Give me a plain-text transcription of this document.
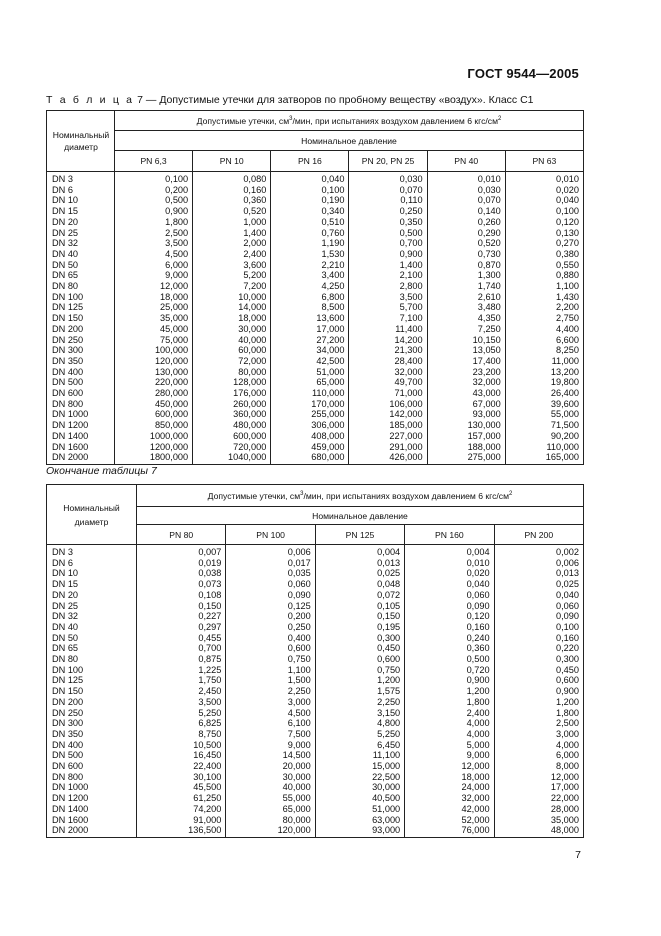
ГОСТ 9544—2005
Т а б л и ц а 7 — Допустимые утечки для затворов по пробному веществу «воздух». Класс С1
Номинальный диаметр	Допустимые утечки, $см^3$/мин, при испытаниях воздухом давлением 6 кгс/$см^2$
	Номинальное давление					
	PN 6,3	PN 10	PN 16	PN 20, PN 25	PN 40	PN 63
DN 3	0,100	0,080	0,040	0,030	0,010	0,010
DN 6	0,200	0,160	0,100	0,070	0,030	0,020
DN 10	0,500	0,360	0,190	0,110	0,070	0,040
DN 15	0,900	0,520	0,340	0,250	0,140	0,100
DN 20	1,800	1,000	0,510	0,350	0,260	0,120
DN 25	2,500	1,400	0,760	0,500	0,290	0,130
DN 32	3,500	2,000	1,190	0,700	0,520	0,270
DN 40	4,500	2,400	1,530	0,900	0,730	0,380
DN 50	6,000	3,600	2,210	1,400	0,870	0,550
DN 65	9,000	5,200	3,400	2,100	1,300	0,880
DN 80	12,000	7,200	4,250	2,800	1,740	1,100
DN 100	18,000	10,000	6,800	3,500	2,610	1,430
DN 125	25,000	14,000	8,500	5,700	3,480	2,200
DN 150	35,000	18,000	13,600	7,100	4,350	2,750
DN 200	45,000	30,000	17,000	11,400	7,250	4,400
DN 250	75,000	40,000	27,200	14,200	10,150	6,600
DN 300	100,000	60,000	34,000	21,300	13,050	8,250
DN 350	120,000	72,000	42,500	28,400	17,400	11,000
DN 400	130,000	80,000	51,000	32,000	23,200	13,200
DN 500	220,000	128,000	65,000	49,700	32,000	19,800
DN 600	280,000	176,000	110,000	71,000	43,000	26,400
DN 800	450,000	260,000	170,000	106,000	67,000	39,600
DN 1000	600,000	360,000	255,000	142,000	93,000	55,000
DN 1200	850,000	480,000	306,000	185,000	130,000	71,500
DN 1400	1000,000	600,000	408,000	227,000	157,000	90,200
DN 1600	1200,000	720,000	459,000	291,000	188,000	110,000
DN 2000	1800,000	1040,000	680,000	426,000	275,000	165,000
Окончание таблицы 7
Номинальный диаметр	Допустимые утечки, $см^3$/мин, при испытаниях воздухом давлением 6 кгс/$см^2$
	Номинальное давление				
	PN 80	PN 100	PN 125	PN 160	PN 200
DN 3	0,007	0,006	0,004	0,004	0,002
DN 6	0,019	0,017	0,013	0,010	0,006
DN 10	0,038	0,035	0,025	0,020	0,013
DN 15	0,073	0,060	0,048	0,040	0,025
DN 20	0,108	0,090	0,072	0,060	0,040
DN 25	0,150	0,125	0,105	0,090	0,060
DN 32	0,227	0,200	0,150	0,120	0,090
DN 40	0,297	0,250	0,195	0,160	0,100
DN 50	0,455	0,400	0,300	0,240	0,160
DN 65	0,700	0,600	0,450	0,360	0,220
DN 80	0,875	0,750	0,600	0,500	0,300
DN 100	1,225	1,100	0,750	0,720	0,450
DN 125	1,750	1,500	1,200	0,900	0,600
DN 150	2,450	2,250	1,575	1,200	0,900
DN 200	3,500	3,000	2,250	1,800	1,200
DN 250	5,250	4,500	3,150	2,400	1,800
DN 300	6,825	6,100	4,800	4,000	2,500
DN 350	8,750	7,500	5,250	4,000	3,000
DN 400	10,500	9,000	6,450	5,000	4,000
DN 500	16,450	14,500	11,100	9,000	6,000
DN 600	22,400	20,000	15,000	12,000	8,000
DN 800	30,100	30,000	22,500	18,000	12,000
DN 1000	45,500	40,000	30,000	24,000	17,000
DN 1200	61,250	55,000	40,500	32,000	22,000
DN 1400	74,200	65,000	51,000	42,000	28,000
DN 1600	91,000	80,000	63,000	52,000	35,000
DN 2000	136,500	120,000	93,000	76,000	48,000
7
